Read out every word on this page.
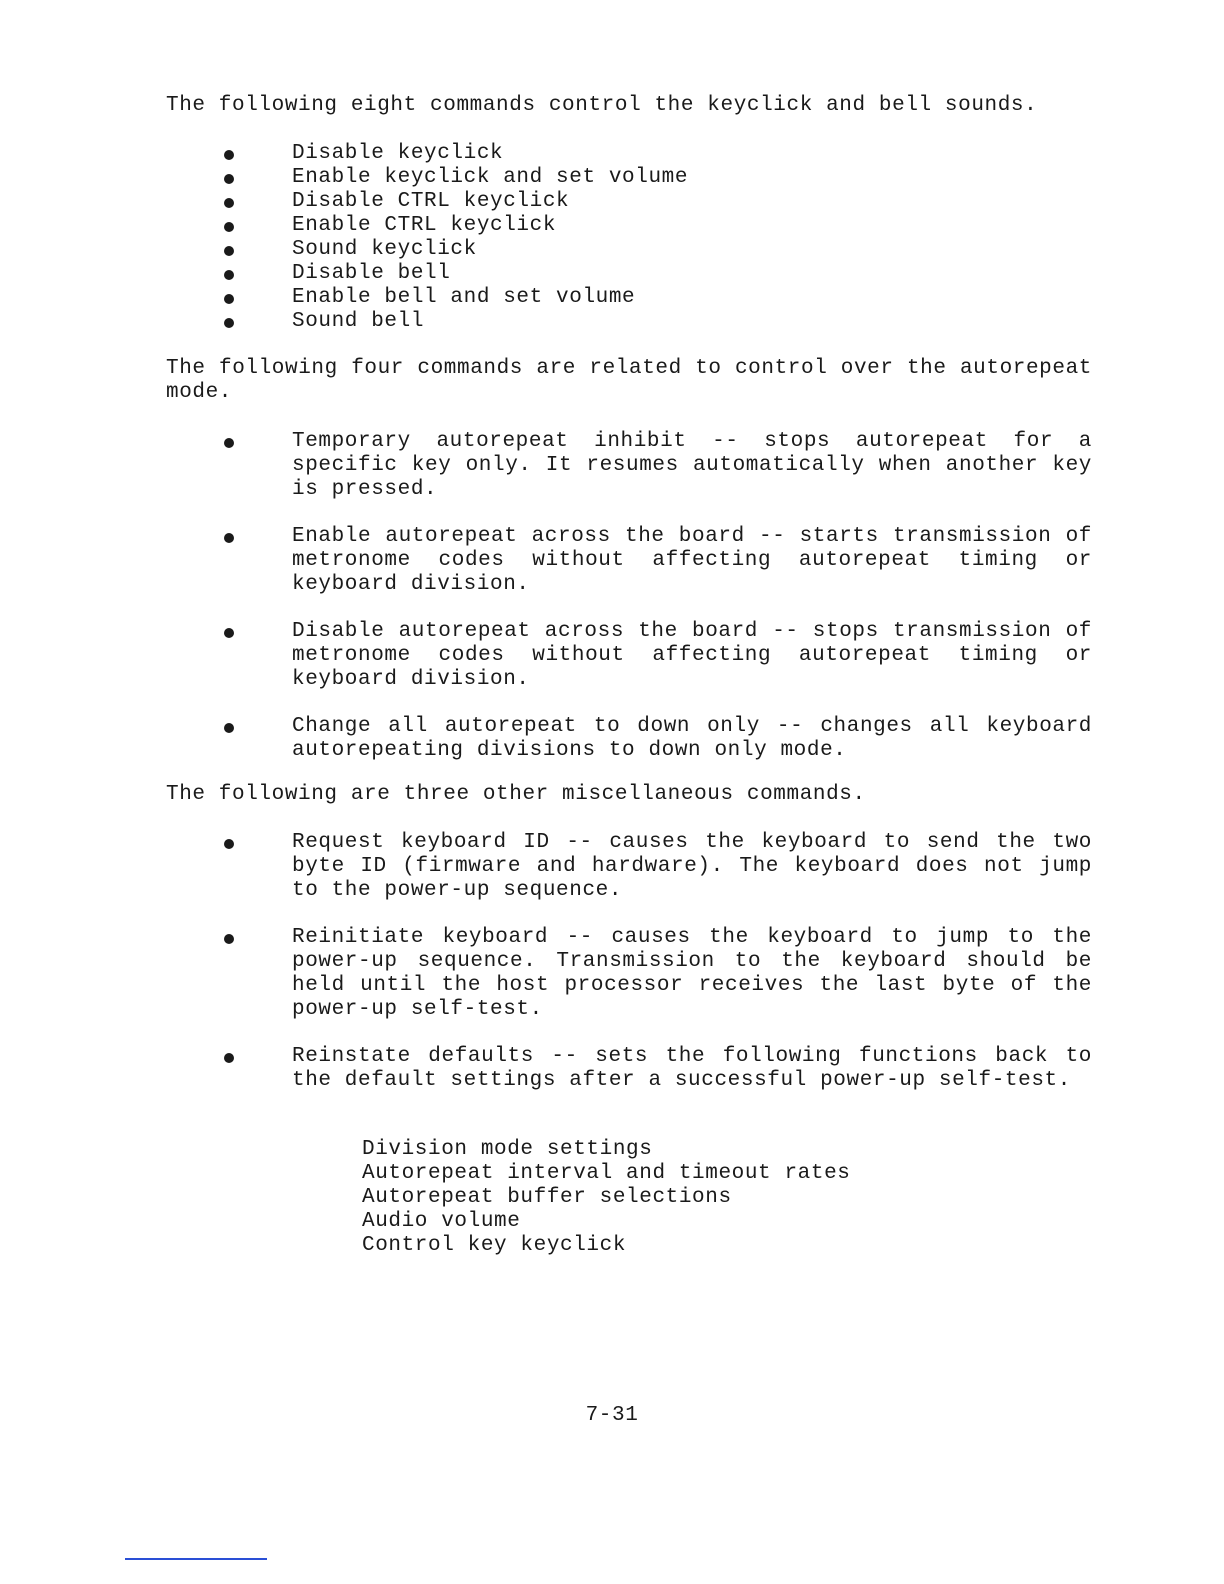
The following eight commands control the keyclick and bell sounds.
Disable keyclick
Enable keyclick and set volume
Disable CTRL keyclick
Enable CTRL keyclick
Sound keyclick
Disable bell
Enable bell and set volume
Sound bell
The following four commands are related to control over the autorepeat mode.
Temporary autorepeat inhibit -- stops autorepeat for a specific key only. It resumes automatically when another key is pressed.
Enable autorepeat across the board -- starts transmission of metronome codes without affecting autorepeat timing or keyboard division.
Disable autorepeat across the board -- stops transmission of metronome codes without affecting autorepeat timing or keyboard division.
Change all autorepeat to down only -- changes all keyboard autorepeating divisions to down only mode.
The following are three other miscellaneous commands.
Request keyboard ID -- causes the keyboard to send the two byte ID (firmware and hardware). The keyboard does not jump to the power-up sequence.
Reinitiate keyboard -- causes the keyboard to jump to the power-up sequence. Transmission to the keyboard should be held until the host processor receives the last byte of the power-up self-test.
Reinstate defaults -- sets the following functions back to the default settings after a successful power-up self-test.
Division mode settings
Autorepeat interval and timeout rates
Autorepeat buffer selections
Audio volume
Control key keyclick
7-31
